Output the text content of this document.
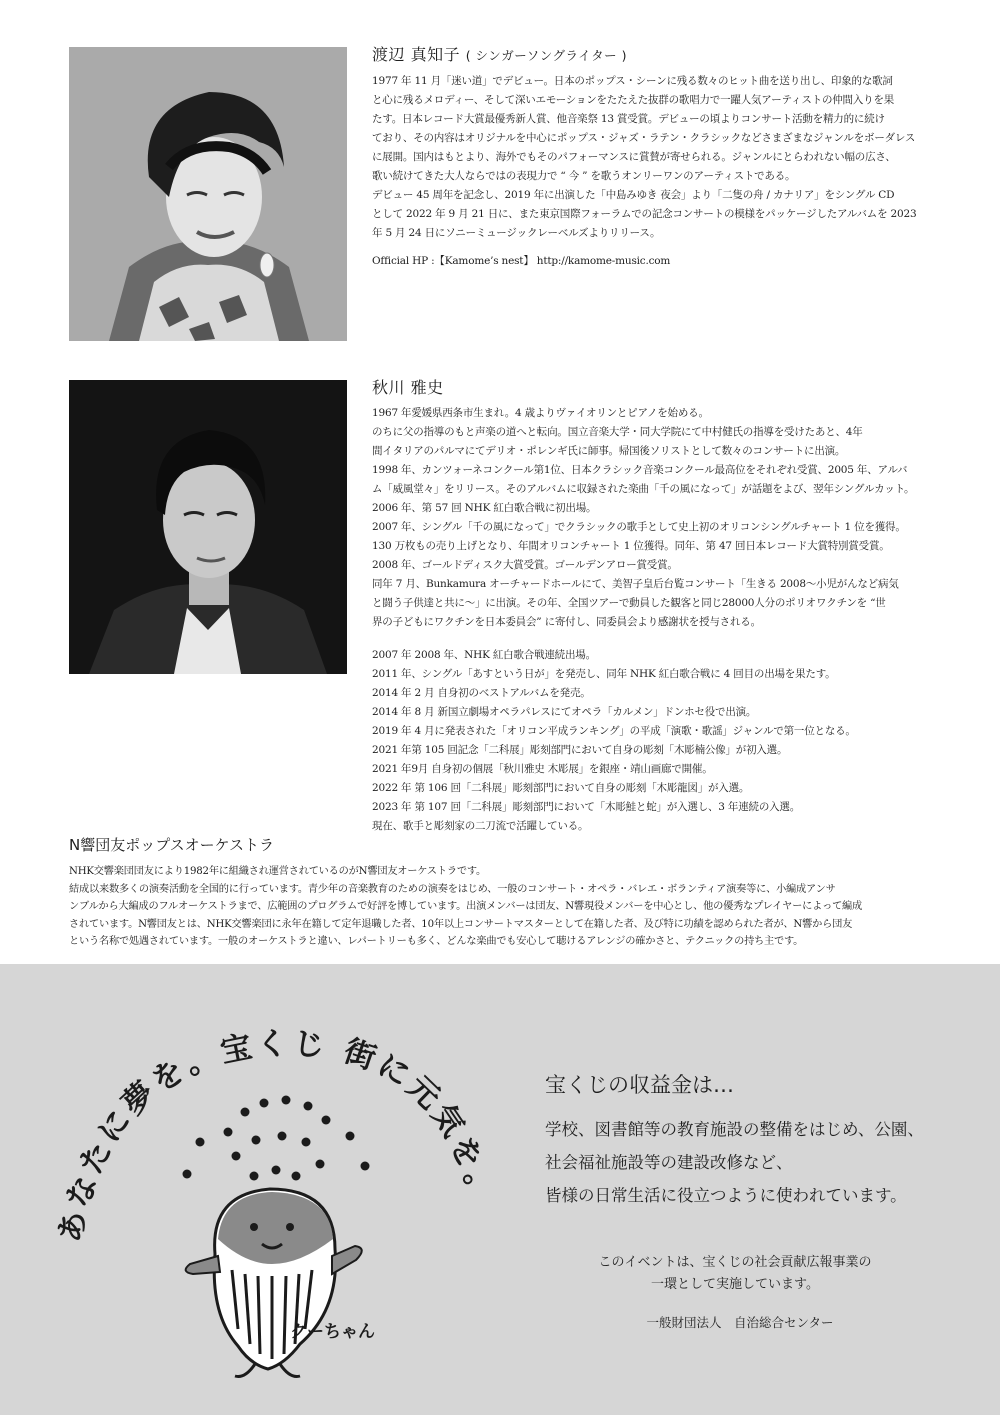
渡辺 真知子 ( シンガーソングライター )
1977 年 11 月「迷い道」でデビュー。日本のポップス・シーンに残る数々のヒット曲を送り出し、印象的な歌詞
と心に残るメロディー、そして深いエモーションをたたえた抜群の歌唱力で一躍人気アーティストの仲間入りを果
たす。日本レコード大賞最優秀新人賞、他音楽祭 13 賞受賞。デビューの頃よりコンサート活動を精力的に続け
ており、その内容はオリジナルを中心にポップス・ジャズ・ラテン・クラシックなどさまざまなジャンルをボーダレス
に展開。国内はもとより、海外でもそのパフォーマンスに賞賛が寄せられる。ジャンルにとらわれない幅の広さ、
歌い続けてきた大人ならではの表現力で “ 今 ” を歌うオンリーワンのアーティストである。
デビュー 45 周年を記念し、2019 年に出演した「中島みゆき 夜会」より「二隻の舟 / カナリア」をシングル CD
として 2022 年 9 月 21 日に、また東京国際フォーラムでの記念コンサートの模様をパッケージしたアルバムを 2023
年 5 月 24 日にソニーミュージックレーベルズよりリリース。
Official HP :【Kamome’s nest】 http://kamome-music.com
秋川 雅史
1967 年愛媛県西条市生まれ。4 歳よりヴァイオリンとピアノを始める。
のちに父の指導のもと声楽の道へと転向。国立音楽大学・同大学院にて中村健氏の指導を受けたあと、4年
間イタリアのパルマにてデリオ・ポレンギ氏に師事。帰国後ソリストとして数々のコンサートに出演。
1998 年、カンツォーネコンクール第1位、日本クラシック音楽コンクール最高位をそれぞれ受賞、2005 年、アルバ
ム「威風堂々」をリリース。そのアルバムに収録された楽曲「千の風になって」が話題をよび、翌年シングルカット。
2006 年、第 57 回 NHK 紅白歌合戦に初出場。
2007 年、シングル「千の風になって」でクラシックの歌手として史上初のオリコンシングルチャート 1 位を獲得。
130 万枚もの売り上げとなり、年間オリコンチャート 1 位獲得。同年、第 47 回日本レコード大賞特別賞受賞。
2008 年、ゴールドディスク大賞受賞。ゴールデンアロー賞受賞。
同年 7 月、Bunkamura オーチャードホールにて、美智子皇后台覧コンサート「生きる 2008～小児がんなど病気
と闘う子供達と共に～」に出演。その年、全国ツアーで動員した観客と同じ28000人分のポリオワクチンを “世
界の子どもにワクチンを日本委員会” に寄付し、同委員会より感謝状を授与される。
2007 年 2008 年、NHK 紅白歌合戦連続出場。
2011 年、シングル「あすという日が」を発売し、同年 NHK 紅白歌合戦に 4 回目の出場を果たす。
2014 年 2 月 自身初のベストアルバムを発売。
2014 年 8 月 新国立劇場オペラパレスにてオペラ「カルメン」ドンホセ役で出演。
2019 年 4 月に発表された「オリコン平成ランキング」の平成「演歌・歌謡」ジャンルで第一位となる。
2021 年第 105 回記念「二科展」彫刻部門において自身の彫刻「木彫楠公像」が初入選。
2021 年9月 自身初の個展「秋川雅史 木彫展」を銀座・靖山画廊で開催。
2022 年 第 106 回「二科展」彫刻部門において自身の彫刻「木彫龍図」が入選。
2023 年 第 107 回「二科展」彫刻部門において「木彫鮭と蛇」が入選し、3 年連続の入選。
現在、歌手と彫刻家の二刀流で活躍している。
N響団友ポップスオーケストラ
NHK交響楽団団友により1982年に組織され運営されているのがN響団友オーケストラです。
結成以来数多くの演奏活動を全国的に行っています。青少年の音楽教育のための演奏をはじめ、一般のコンサート・オペラ・バレエ・ボランティア演奏等に、小編成アンサ
ンブルから大編成のフルオーケストラまで、広範囲のプログラムで好評を博しています。出演メンバーは団友、N響現役メンバーを中心とし、他の優秀なプレイヤーによって編成
されています。N響団友とは、NHK交響楽団に永年在籍して定年退職した者、10年以上コンサートマスターとして在籍した者、及び特に功績を認められた者が、N響から団友
という名称で処遇されています。一般のオーケストラと違い、レパートリーも多く、どんな楽曲でも安心して聴けるアレンジの確かさと、テクニックの持ち主です。
あなたに夢を。宝くじ 街に元気を
クーちゃん
宝くじの収益金は…
学校、図書館等の教育施設の整備をはじめ、公園、
社会福祉施設等の建設改修など、
皆様の日常生活に役立つように使われています。
このイベントは、宝くじの社会貢献広報事業の
一環として実施しています。
一般財団法人　自治総合センター
